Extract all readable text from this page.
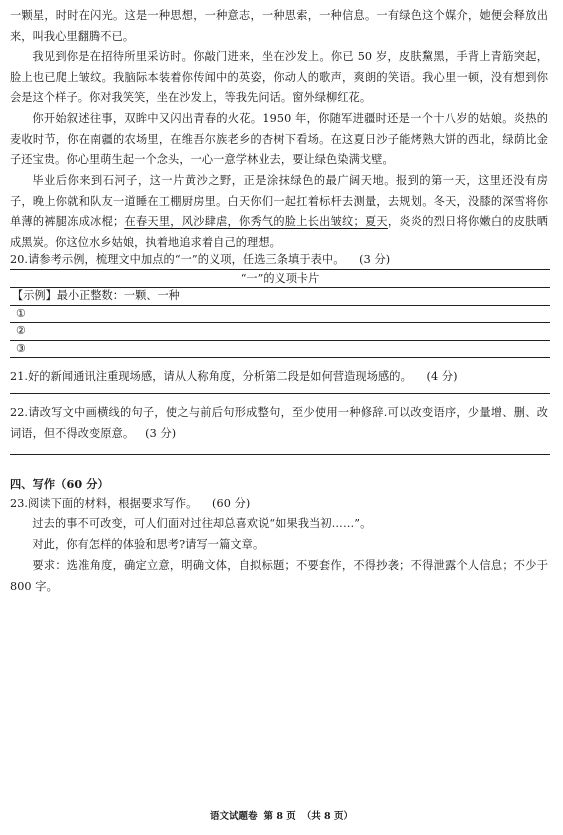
一颗星，时时在闪光。这是一种思想，一种意志，一种思索，一种信息。一有绿色这个媒介，她便会释放出来，叫我心里翻腾不已。
我见到你是在招待所里采访时。你敲门进来，坐在沙发上。你已 50 岁，皮肤黧黑，手背上青筋突起，脸上也已爬上皱纹。我脑际本装着你传闻中的英姿，你动人的歌声，爽朗的笑语。我心里一顿，没有想到你会是这个样子。你对我笑笑，坐在沙发上，等我先问话。窗外绿柳红花。
你开始叙述往事，双眸中又闪出青春的火花。1950 年，你随军进疆时还是一个十八岁的姑娘。炎热的麦收时节，你在南疆的农场里，在维吾尔族老乡的杏树下看场。在这夏日沙子能烤熟大饼的西北，绿荫比金子还宝贵。你心里萌生起一个念头，一心一意学林业去，要让绿色染满戈壁。
毕业后你来到石河子，这一片黄沙之野，正是涂抹绿色的最广阔天地。报到的第一天，这里还没有房子，晚上你就和队友一道睡在工棚厨房里。白天你们一起扛着标杆去测量，去规划。冬天，没膝的深雪将你单薄的裤腿冻成冰棍；在春天里，风沙肆虐，你秀气的脸上长出皱纹；夏天，炎炎的烈日将你嫩白的皮肤晒成黑炭。你这位水乡姑娘，执着地追求着自己的理想。
20.请参考示例，梳理文中加点的“一”的义项，任选三条填于表中。 (3 分)
“一”的义项卡片
【示例】最小正整数：一颗、一种
①
②
③
21.好的新闻通讯注重现场感，请从人称角度，分析第二段是如何营造现场感的。 (4 分)
22.请改写文中画横线的句子，使之与前后句形成整句，至少使用一种修辞.可以改变语序，少量增、删、改词语，但不得改变原意。 (3 分)
四、写作（60 分）
23.阅读下面的材料，根据要求写作。 (60 分)
过去的事不可改变，可人们面对过往却总喜欢说“如果我当初……”。
对此，你有怎样的体验和思考?请写一篇文章。
要求：选准角度，确定立意，明确文体，自拟标题；不要套作，不得抄袭；不得泄露个人信息；不少于 800 字。
语文试题卷 第 8 页 （共 8 页）
